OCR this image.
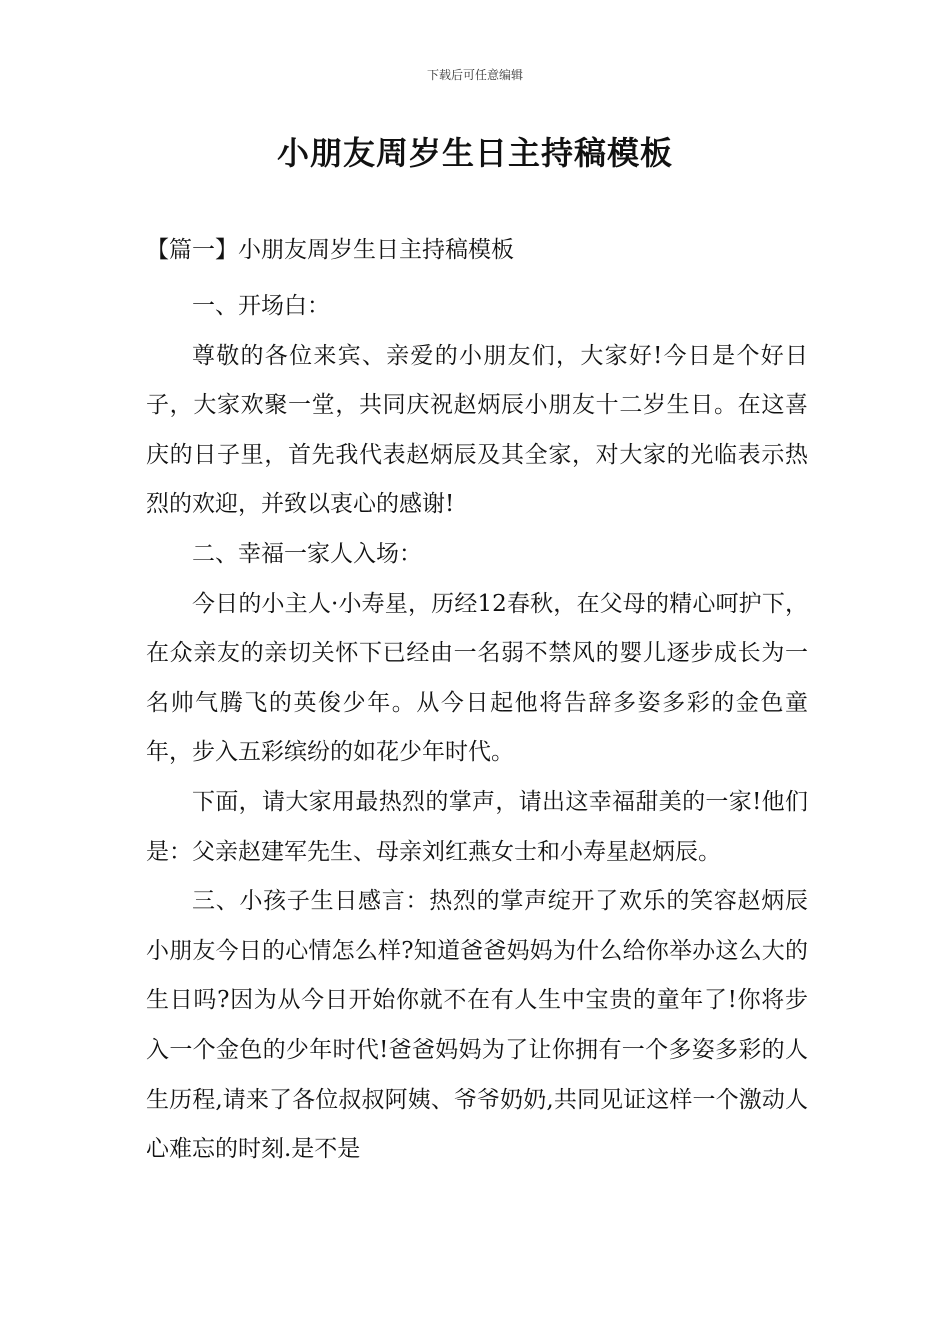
下载后可任意编辑
小朋友周岁生日主持稿模板
【篇一】小朋友周岁生日主持稿模板

一、开场白：

尊敬的各位来宾、亲爱的小朋友们，大家好!今日是个好日子，大家欢聚一堂，共同庆祝赵炳辰小朋友十二岁生日。在这喜庆的日子里，首先我代表赵炳辰及其全家，对大家的光临表示热烈的欢迎，并致以衷心的感谢!

二、幸福一家人入场：

今日的小主人·小寿星，历经12春秋，在父母的精心呵护下，在众亲友的亲切关怀下已经由一名弱不禁风的婴儿逐步成长为一名帅气腾飞的英俊少年。从今日起他将告辞多姿多彩的金色童年，步入五彩缤纷的如花少年时代。

下面，请大家用最热烈的掌声，请出这幸福甜美的一家!他们是：父亲赵建军先生、母亲刘红燕女士和小寿星赵炳辰。

三、小孩子生日感言：热烈的掌声绽开了欢乐的笑容赵炳辰小朋友今日的心情怎么样?知道爸爸妈妈为什么给你举办这么大的生日吗?因为从今日开始你就不在有人生中宝贵的童年了!你将步入一个金色的少年时代!爸爸妈妈为了让你拥有一个多姿多彩的人生历程,请来了各位叔叔阿姨、爷爷奶奶,共同见证这样一个激动人心难忘的时刻.是不是
